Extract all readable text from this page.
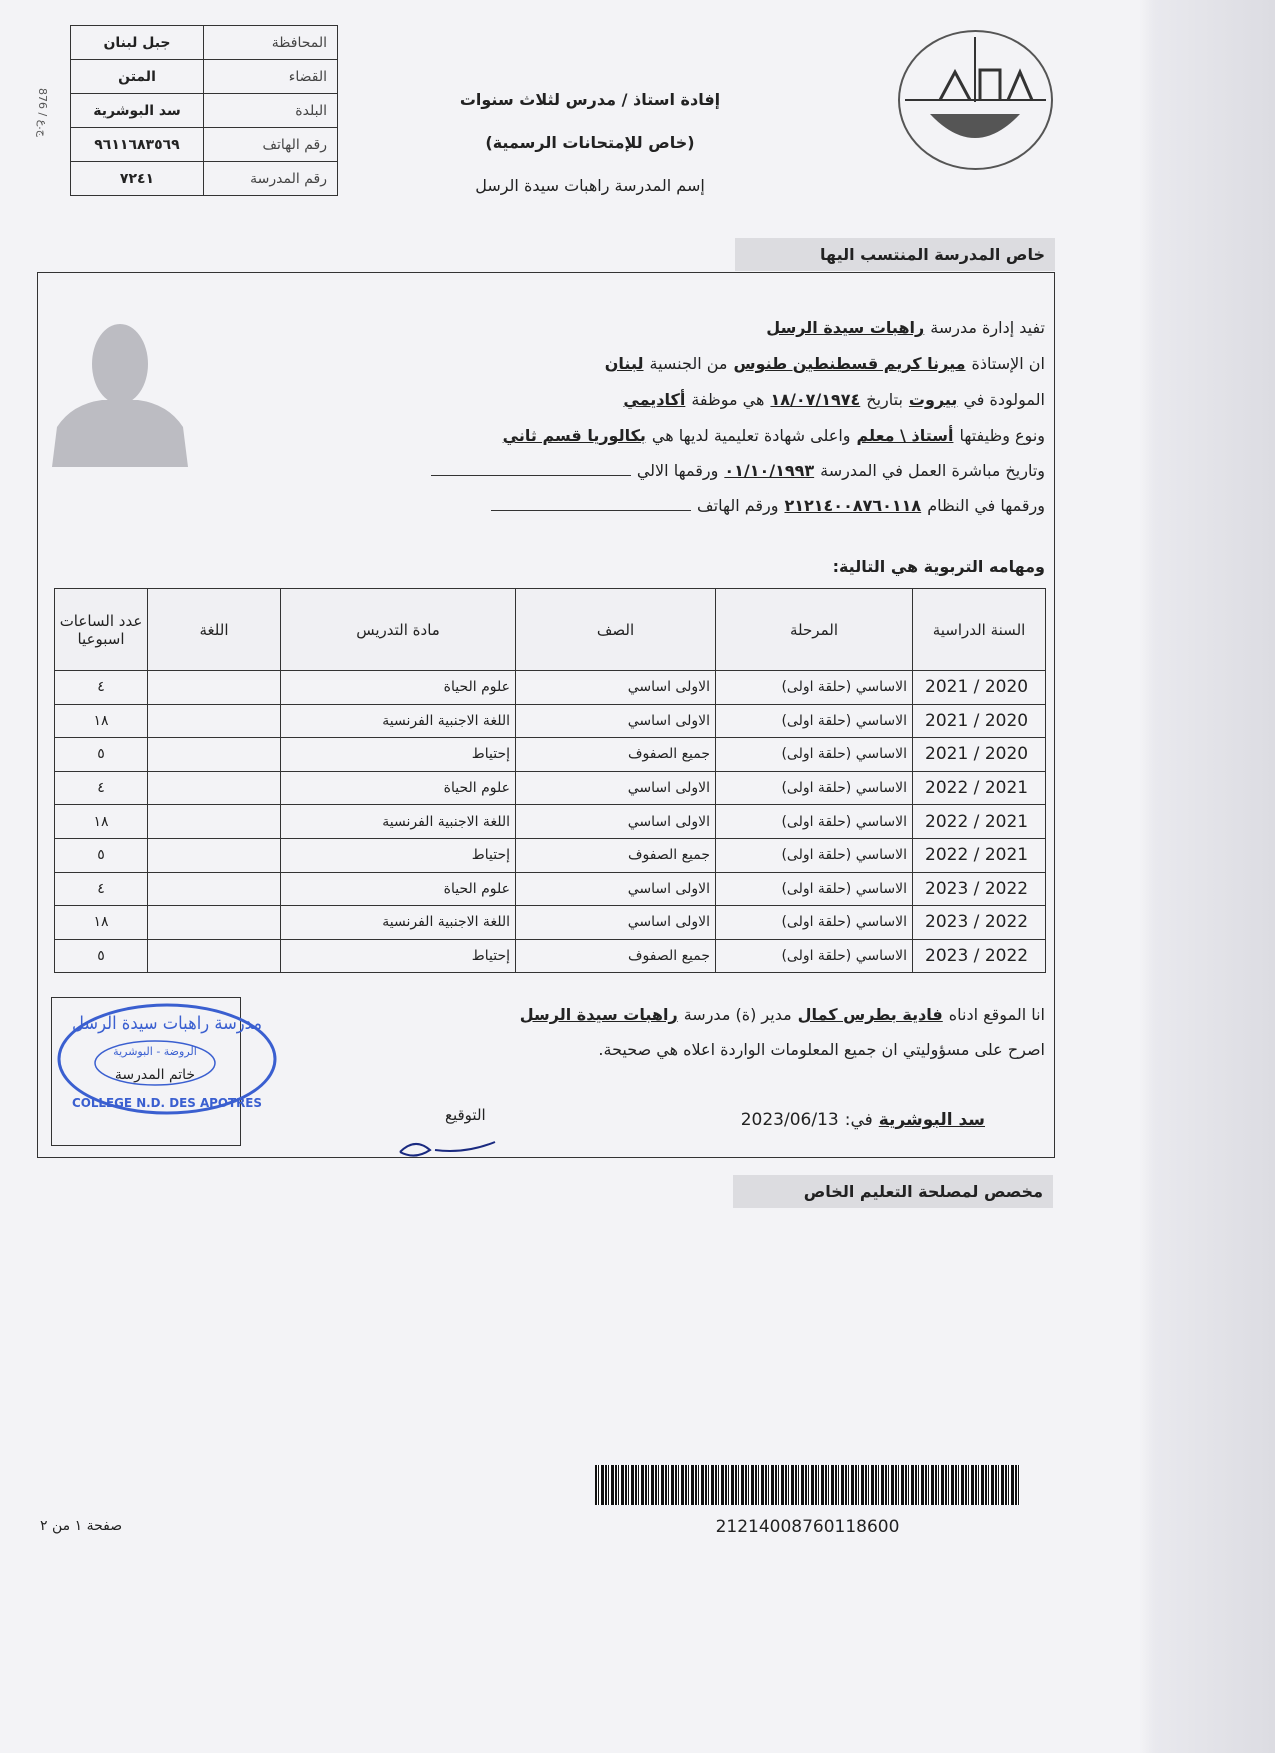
جبل لبنان	المحافظة
المتن	القضاء
سد البوشرية	البلدة
٩٦١١٦٨٣٥٦٩	رقم الهاتف
٧٢٤١	رقم المدرسة
876 / ج.ع
إفادة استاذ / مدرس لثلاث سنوات
(خاص للإمتحانات الرسمية)
إسم المدرسة راهبات سيدة الرسل
خاص المدرسة المنتسب اليها
تفيد إدارة مدرسة
راهبات سيدة الرسل
ان الإستاذة
ميرنا كريم قسطنطين طنوس
من الجنسية
لبنان
المولودة في
بيروت
بتاريخ
١٨/٠٧/١٩٧٤
هي موظفة
أكاديمي
ونوع وظيفتها
أستاذ \ معلم
واعلى شهادة تعليمية لديها هي
بكالوريا قسم ثاني
وتاريخ مباشرة العمل في المدرسة
٠١/١٠/١٩٩٣
ورقمها الالي
ورقمها في النظام
٢١٢١٤٠٠٨٧٦٠١١٨
ورقم الهاتف
ومهامه التربوية هي التالية:
السنة الدراسية	المرحلة	الصف	مادة التدريس	اللغة	عدد الساعات اسبوعيا
2020 / 2021	الاساسي (حلقة اولى)	الاولى اساسي	علوم الحياة		٤
2020 / 2021	الاساسي (حلقة اولى)	الاولى اساسي	اللغة الاجنبية الفرنسية		١٨
2020 / 2021	الاساسي (حلقة اولى)	جميع الصفوف	إحتياط		٥
2021 / 2022	الاساسي (حلقة اولى)	الاولى اساسي	علوم الحياة		٤
2021 / 2022	الاساسي (حلقة اولى)	الاولى اساسي	اللغة الاجنبية الفرنسية		١٨
2021 / 2022	الاساسي (حلقة اولى)	جميع الصفوف	إحتياط		٥
2022 / 2023	الاساسي (حلقة اولى)	الاولى اساسي	علوم الحياة		٤
2022 / 2023	الاساسي (حلقة اولى)	الاولى اساسي	اللغة الاجنبية الفرنسية		١٨
2022 / 2023	الاساسي (حلقة اولى)	جميع الصفوف	إحتياط		٥
مدرسة راهبات سيدة الرسل
الروضة - البوشرية
خاتم المدرسة
COLLEGE N.D. DES APOTRES
انا الموقع ادناه
فادية بطرس كمال
مدير (ة) مدرسة
راهبات سيدة الرسل
اصرح على مسؤوليتي ان جميع المعلومات الواردة اعلاه هي صحيحة.
سد البوشرية
في:
2023/06/13
التوقيع
مخصص لمصلحة التعليم الخاص
21214008760118600
صفحة ١ من ٢
